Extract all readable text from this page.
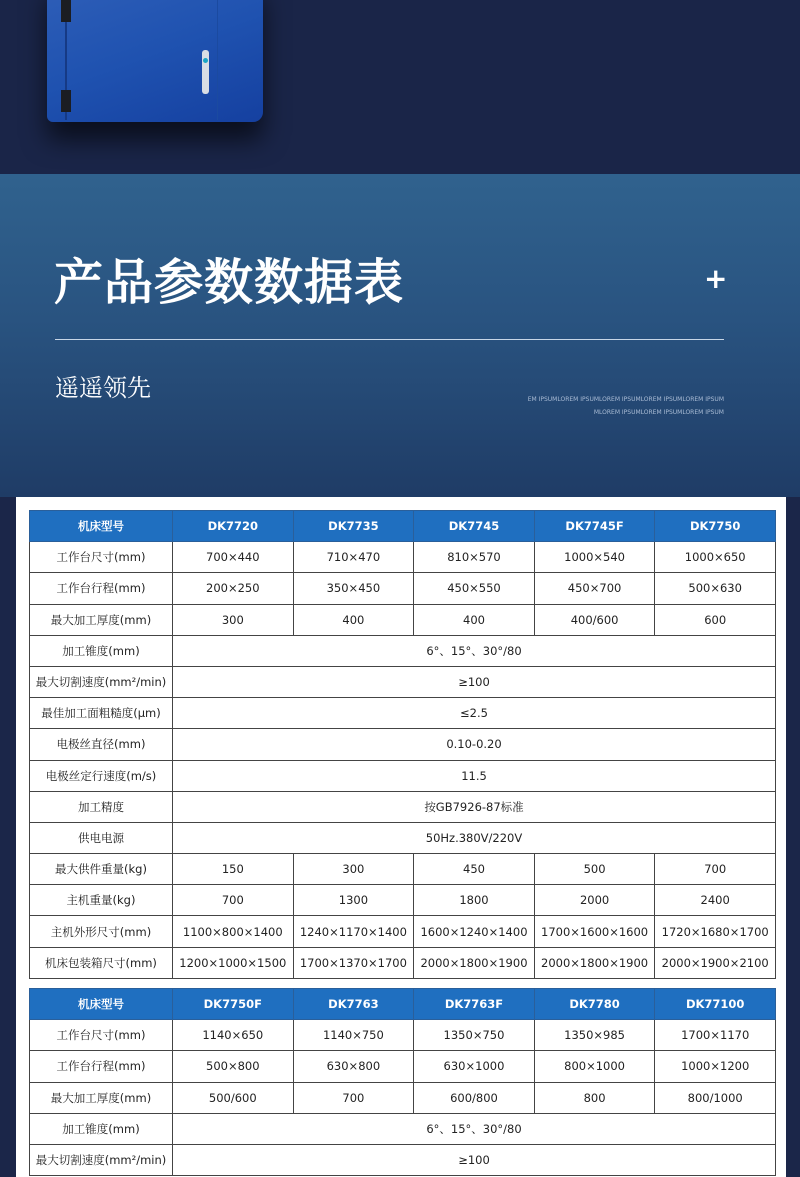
产品参数数据表	+
遥遥领先	EM IPSUMLOREM IPSUMLOREM IPSUMLOREM IPSUMLOREM IPSUM
MLOREM IPSUMLOREM IPSUMLOREM IPSUM
机床型号	DK7720	DK7735	DK7745	DK7745F	DK7750
工作台尺寸(mm)	700×440	710×470	810×570	1000×540	1000×650
工作台行程(mm)	200×250	350×450	450×550	450×700	500×630
最大加工厚度(mm)	300	400	400	400/600	600
加工锥度(mm)	6°、15°、30°/80				
最大切割速度(mm²/min)	≥100				
最佳加工面粗糙度(μm)	≤2.5				
电极丝直径(mm)	0.10-0.20				
电极丝定行速度(m/s)	11.5				
加工精度	按GB7926-87标准				
供电电源	50Hz.380V/220V				
最大供件重量(kg)	150	300	450	500	700
主机重量(kg)	700	1300	1800	2000	2400
主机外形尺寸(mm)	1100×800×1400	1240×1170×1400	1600×1240×1400	1700×1600×1600	1720×1680×1700
机床包装箱尺寸(mm)	1200×1000×1500	1700×1370×1700	2000×1800×1900	2000×1800×1900	2000×1900×2100
机床型号	DK7750F	DK7763	DK7763F	DK7780	DK77100
工作台尺寸(mm)	1140×650	1140×750	1350×750	1350×985	1700×1170
工作台行程(mm)	500×800	630×800	630×1000	800×1000	1000×1200
最大加工厚度(mm)	500/600	700	600/800	800	800/1000
加工锥度(mm)	6°、15°、30°/80				
最大切割速度(mm²/min)	≥100				
